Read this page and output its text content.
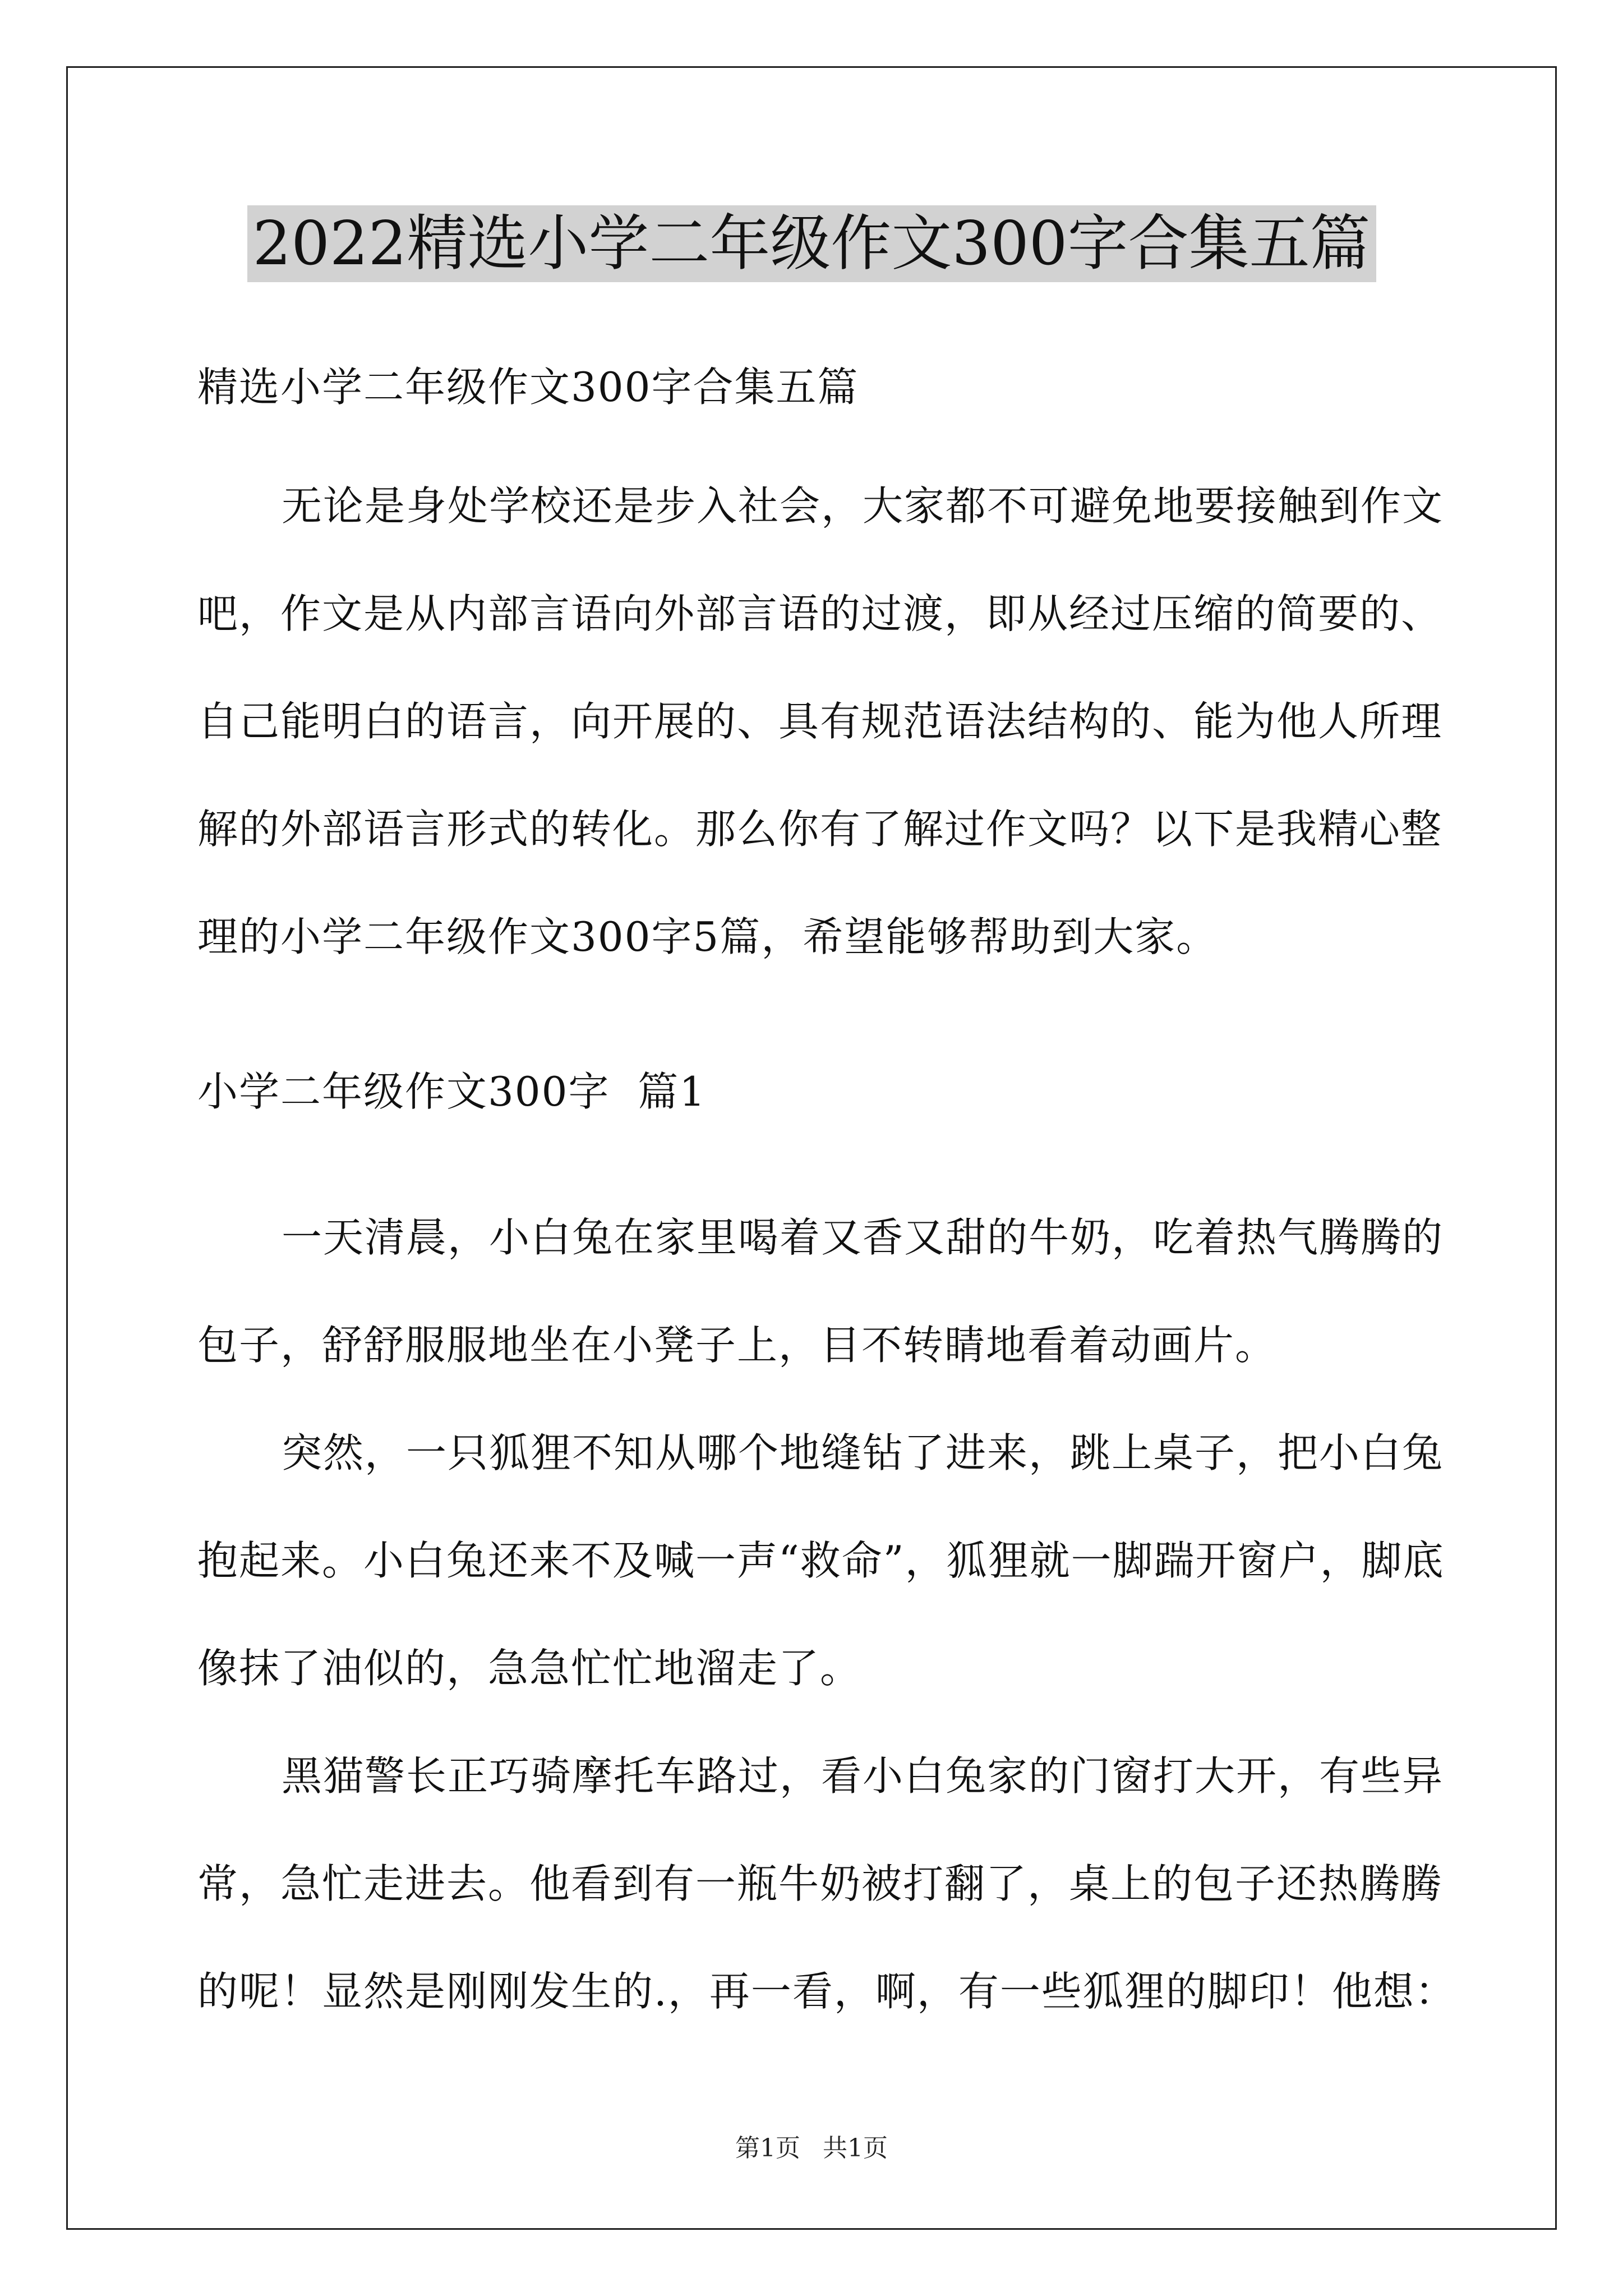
2022精选小学二年级作文300字合集五篇

精选小学二年级作文300字合集五篇

无论是身处学校还是步入社会，大家都不可避免地要接触到作文
吧，作文是从内部言语向外部言语的过渡，即从经过压缩的简要的、
自己能明白的语言，向开展的、具有规范语法结构的、能为他人所理
解的外部语言形式的转化。那么你有了解过作文吗？以下是我精心整
理的小学二年级作文300字5篇，希望能够帮助到大家。

小学二年级作文300字  篇1

一天清晨，小白兔在家里喝着又香又甜的牛奶，吃着热气腾腾的
包子，舒舒服服地坐在小凳子上，目不转睛地看着动画片。
突然，一只狐狸不知从哪个地缝钻了进来，跳上桌子，把小白兔
抱起来。小白兔还来不及喊一声“救命”，狐狸就一脚踹开窗户，脚底
像抹了油似的，急急忙忙地溜走了。
黑猫警长正巧骑摩托车路过，看小白兔家的门窗打大开，有些异
常，急忙走进去。他看到有一瓶牛奶被打翻了，桌上的包子还热腾腾
的呢！显然是刚刚发生的.，再一看，啊，有一些狐狸的脚印！他想：
第1页 共1页
